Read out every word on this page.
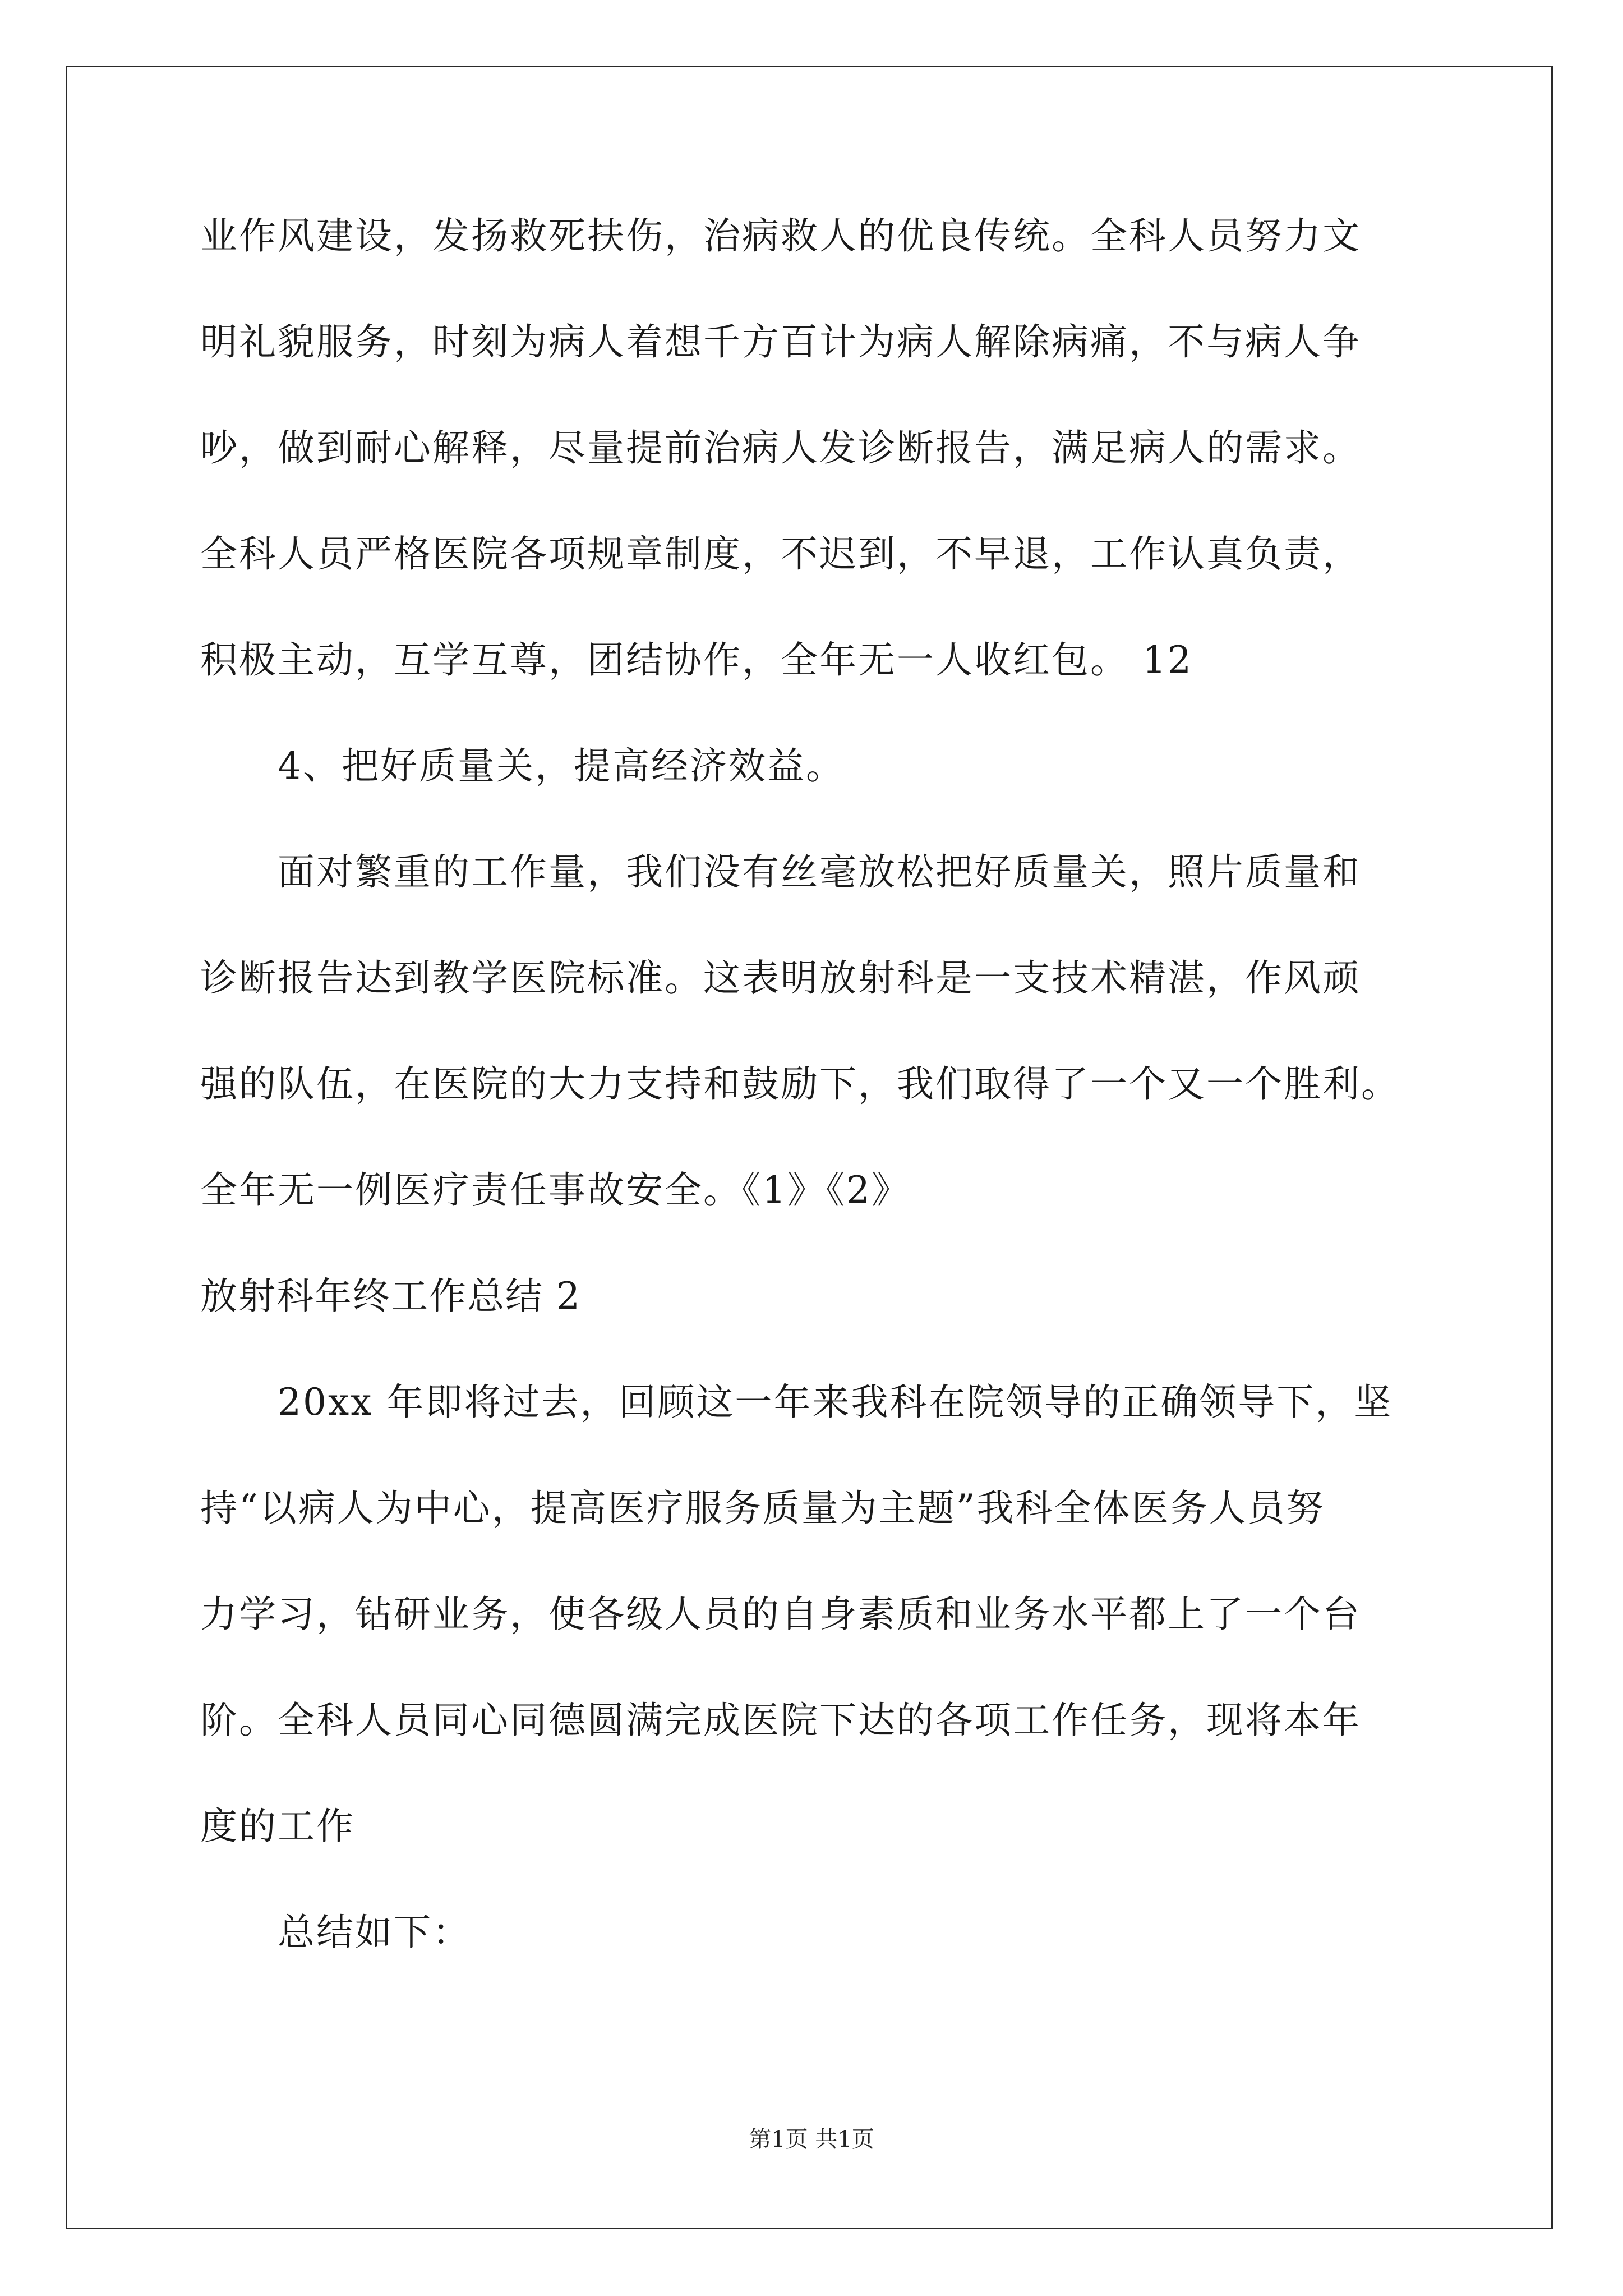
业作风建设，发扬救死扶伤，治病救人的优良传统。全科人员努力文
明礼貌服务，时刻为病人着想千方百计为病人解除病痛，不与病人争
吵，做到耐心解释，尽量提前治病人发诊断报告，满足病人的需求。
全科人员严格医院各项规章制度，不迟到，不早退，工作认真负责，
积极主动，互学互尊，团结协作，全年无一人收红包。 12
4、把好质量关，提高经济效益。
面对繁重的工作量，我们没有丝毫放松把好质量关，照片质量和
诊断报告达到教学医院标准。这表明放射科是一支技术精湛，作风顽
强的队伍，在医院的大力支持和鼓励下，我们取得了一个又一个胜利。
全年无一例医疗责任事故安全。《1》《2》
放射科年终工作总结 2
20xx 年即将过去，回顾这一年来我科在院领导的正确领导下，坚
持“以病人为中心，提高医疗服务质量为主题”我科全体医务人员努
力学习，钻研业务，使各级人员的自身素质和业务水平都上了一个台
阶。全科人员同心同德圆满完成医院下达的各项工作任务，现将本年
度的工作
总结如下：
第1页 共1页
